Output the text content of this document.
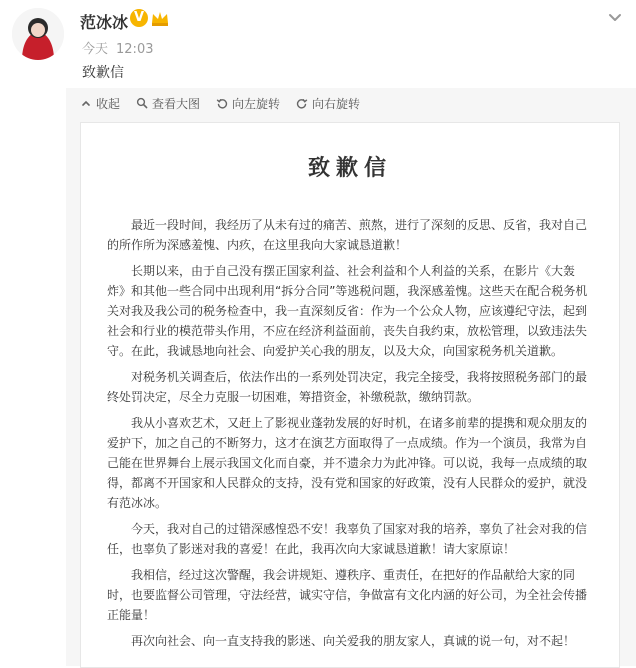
范冰冰 V
今天 12:03
致歉信
收起	查看大图	向左旋转	向右旋转
致歉信

最近一段时间，我经历了从未有过的痛苦、煎熬，进行了深刻的反思、反省，我对自己的所作所为深感羞愧、内疚，在这里我向大家诚恳道歉！

长期以来，由于自己没有摆正国家利益、社会利益和个人利益的关系，在影片《大轰炸》和其他一些合同中出现利用“拆分合同”等逃税问题，我深感羞愧。这些天在配合税务机关对我及我公司的税务检查中，我一直深刻反省：作为一个公众人物，应该遵纪守法，起到社会和行业的模范带头作用，不应在经济利益面前，丧失自我约束，放松管理，以致违法失守。在此，我诚恳地向社会、向爱护关心我的朋友，以及大众，向国家税务机关道歉。

对税务机关调查后，依法作出的一系列处罚决定，我完全接受，我将按照税务部门的最终处罚决定，尽全力克服一切困难，筹措资金，补缴税款，缴纳罚款。

我从小喜欢艺术，又赶上了影视业蓬勃发展的好时机，在诸多前辈的提携和观众朋友的爱护下，加之自己的不断努力，这才在演艺方面取得了一点成绩。作为一个演员，我常为自己能在世界舞台上展示我国文化而自豪，并不遗余力为此冲锋。可以说，我每一点成绩的取得，都离不开国家和人民群众的支持，没有党和国家的好政策，没有人民群众的爱护，就没有范冰冰。

今天，我对自己的过错深感惶恐不安！我辜负了国家对我的培养，辜负了社会对我的信任，也辜负了影迷对我的喜爱！在此，我再次向大家诚恳道歉！请大家原谅！

我相信，经过这次警醒，我会讲规矩、遵秩序、重责任，在把好的作品献给大家的同时，也要监督公司管理，守法经营，诚实守信，争做富有文化内涵的好公司，为全社会传播正能量！

再次向社会、向一直支持我的影迷、向关爱我的朋友家人，真诚的说一句，对不起！
